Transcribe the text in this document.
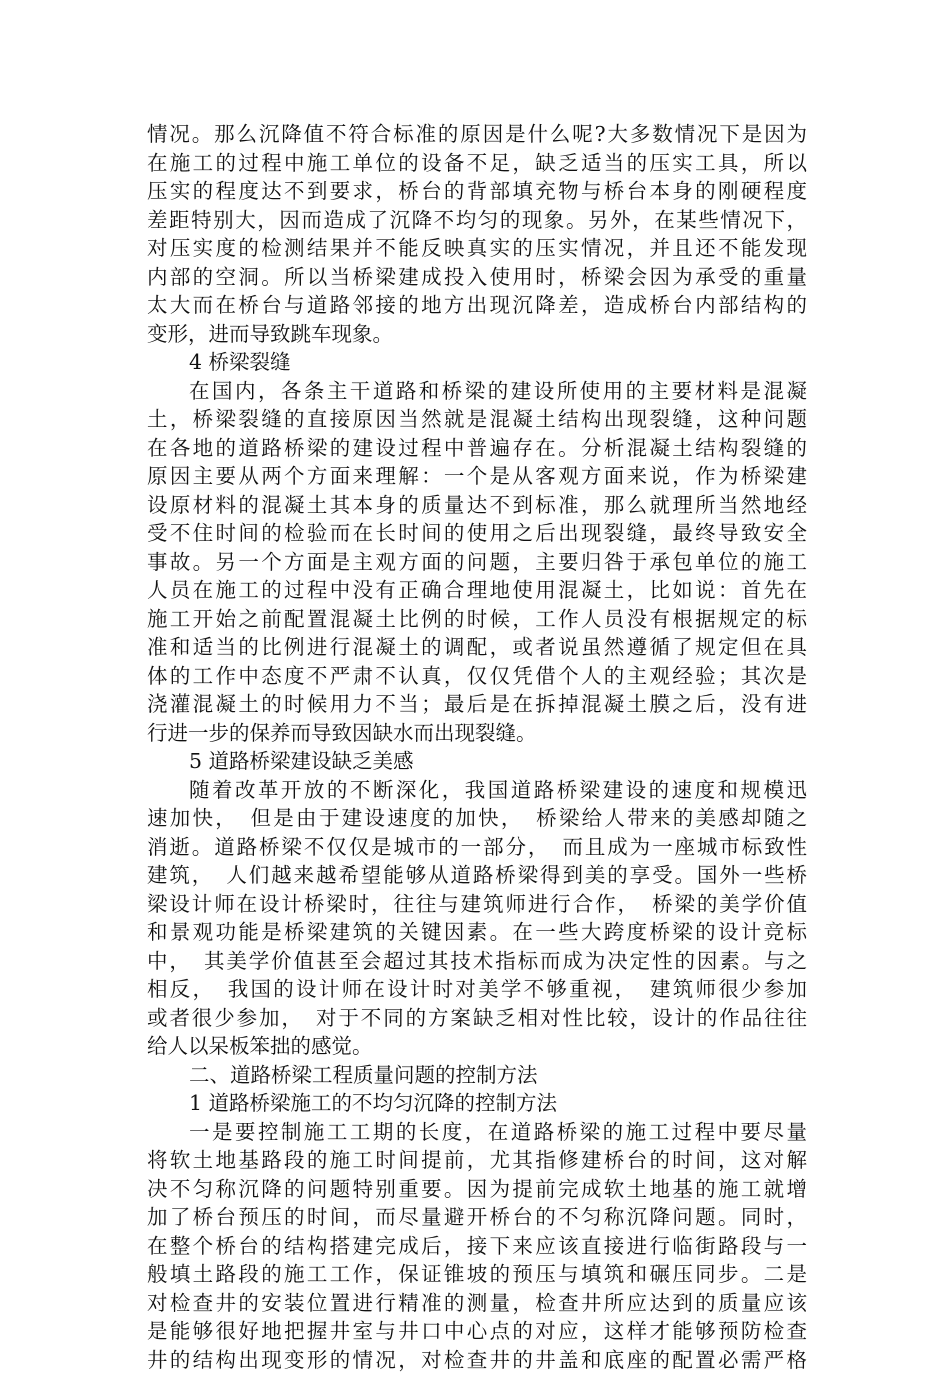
情况。那么沉降值不符合标准的原因是什么呢?大多数情况下是因为
在施工的过程中施工单位的设备不足，缺乏适当的压实工具，所以
压实的程度达不到要求，桥台的背部填充物与桥台本身的刚硬程度
差距特别大，因而造成了沉降不均匀的现象。另外，在某些情况下，
对压实度的检测结果并不能反映真实的压实情况，并且还不能发现
内部的空洞。所以当桥梁建成投入使用时，桥梁会因为承受的重量
太大而在桥台与道路邻接的地方出现沉降差，造成桥台内部结构的
变形，进而导致跳车现象。
4 桥梁裂缝
在国内，各条主干道路和桥梁的建设所使用的主要材料是混凝
土，桥梁裂缝的直接原因当然就是混凝土结构出现裂缝，这种问题
在各地的道路桥梁的建设过程中普遍存在。分析混凝土结构裂缝的
原因主要从两个方面来理解：一个是从客观方面来说，作为桥梁建
设原材料的混凝土其本身的质量达不到标准，那么就理所当然地经
受不住时间的检验而在长时间的使用之后出现裂缝，最终导致安全
事故。另一个方面是主观方面的问题，主要归咎于承包单位的施工
人员在施工的过程中没有正确合理地使用混凝土，比如说：首先在
施工开始之前配置混凝土比例的时候，工作人员没有根据规定的标
准和适当的比例进行混凝土的调配，或者说虽然遵循了规定但在具
体的工作中态度不严肃不认真，仅仅凭借个人的主观经验；其次是
浇灌混凝土的时候用力不当；最后是在拆掉混凝土膜之后，没有进
行进一步的保养而导致因缺水而出现裂缝。
5 道路桥梁建设缺乏美感
随着改革开放的不断深化，我国道路桥梁建设的速度和规模迅
速加快，　但是由于建设速度的加快，　桥梁给人带来的美感却随之
消逝。道路桥梁不仅仅是城市的一部分，　而且成为一座城市标致性
建筑，　人们越来越希望能够从道路桥梁得到美的享受。国外一些桥
梁设计师在设计桥梁时，往往与建筑师进行合作，　桥梁的美学价值
和景观功能是桥梁建筑的关键因素。在一些大跨度桥梁的设计竞标
中，　其美学价值甚至会超过其技术指标而成为决定性的因素。与之
相反，　我国的设计师在设计时对美学不够重视，　建筑师很少参加
或者很少参加，　对于不同的方案缺乏相对性比较，设计的作品往往
给人以呆板笨拙的感觉。
二、道路桥梁工程质量问题的控制方法
1 道路桥梁施工的不均匀沉降的控制方法
一是要控制施工工期的长度，在道路桥梁的施工过程中要尽量
将软土地基路段的施工时间提前，尤其指修建桥台的时间，这对解
决不匀称沉降的问题特别重要。因为提前完成软土地基的施工就增
加了桥台预压的时间，而尽量避开桥台的不匀称沉降问题。同时，
在整个桥台的结构搭建完成后，接下来应该直接进行临街路段与一
般填土路段的施工工作，保证锥坡的预压与填筑和碾压同步。二是
对检查井的安装位置进行精准的测量，检查井所应达到的质量应该
是能够很好地把握井室与井口中心点的对应，这样才能够预防检查
井的结构出现变形的情况，对检查井的井盖和底座的配置必需严格
